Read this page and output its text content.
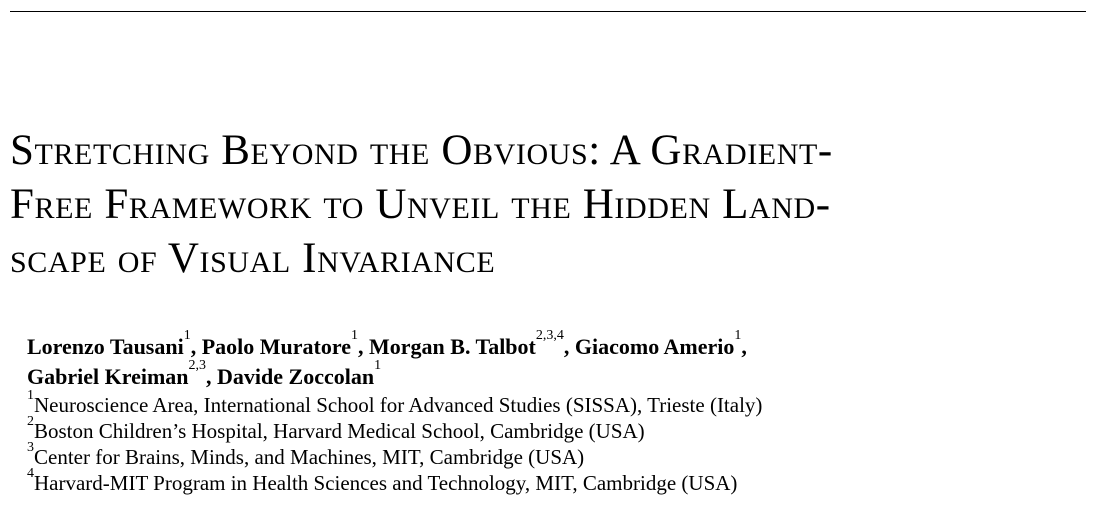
Stretching Beyond the Obvious: A Gradient-
Free Framework to Unveil the Hidden Land-
scape of Visual Invariance
Lorenzo Tausani$^1$, Paolo Muratore$^1$, Morgan B. Talbot$^{2,3,4}$, Giacomo Amerio$^1$,
Gabriel Kreiman$^{2,3}$, Davide Zoccolan$^1$
$^1$Neuroscience Area, International School for Advanced Studies (SISSA), Trieste (Italy)
$^2$Boston Children’s Hospital, Harvard Medical School, Cambridge (USA)
$^3$Center for Brains, Minds, and Machines, MIT, Cambridge (USA)
$^4$Harvard-MIT Program in Health Sciences and Technology, MIT, Cambridge (USA)
